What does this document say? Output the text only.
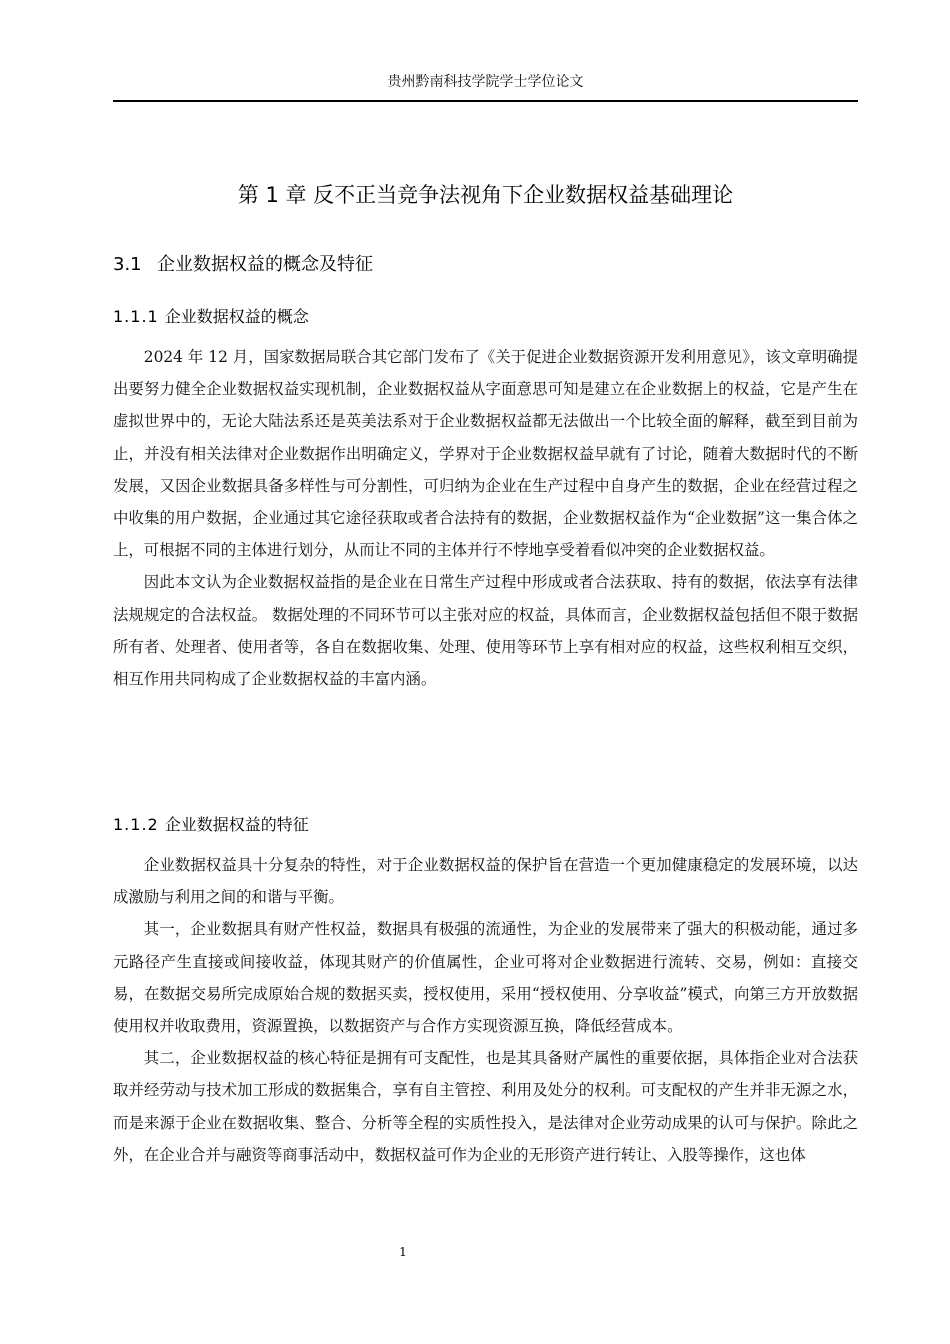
贵州黔南科技学院学士学位论文
第 1 章 反不正当竞争法视角下企业数据权益基础理论
3.1 企业数据权益的概念及特征
1.1.1 企业数据权益的概念

2024 年 12 月，国家数据局联合其它部门发布了《关于促进企业数据资源开发利用意见》，该文章明确提出要努力健全企业数据权益实现机制，企业数据权益从字面意思可知是建立在企业数据上的权益，它是产生在虚拟世界中的，无论大陆法系还是英美法系对于企业数据权益都无法做出一个比较全面的解释，截至到目前为止，并没有相关法律对企业数据作出明确定义，学界对于企业数据权益早就有了讨论，随着大数据时代的不断发展，又因企业数据具备多样性与可分割性，可归纳为企业在生产过程中自身产生的数据，企业在经营过程之中收集的用户数据，企业通过其它途径获取或者合法持有的数据，企业数据权益作为“企业数据”这一集合体之上，可根据不同的主体进行划分，从而让不同的主体并行不悖地享受着看似冲突的企业数据权益。

因此本文认为企业数据权益指的是企业在日常生产过程中形成或者合法获取、持有的数据，依法享有法律法规规定的合法权益。 数据处理的不同环节可以主张对应的权益，具体而言，企业数据权益包括但不限于数据所有者、处理者、使用者等，各自在数据收集、处理、使用等环节上享有相对应的权益，这些权利相互交织，相互作用共同构成了企业数据权益的丰富内涵。

1.1.2 企业数据权益的特征

企业数据权益具十分复杂的特性，对于企业数据权益的保护旨在营造一个更加健康稳定的发展环境，以达成激励与利用之间的和谐与平衡。

其一，企业数据具有财产性权益，数据具有极强的流通性，为企业的发展带来了强大的积极动能，通过多元路径产生直接或间接收益，体现其财产的价值属性，企业可将对企业数据进行流转、交易，例如：直接交易，在数据交易所完成原始合规的数据买卖，授权使用，采用“授权使用、分享收益”模式，向第三方开放数据使用权并收取费用，资源置换，以数据资产与合作方实现资源互换，降低经营成本。

其二，企业数据权益的核心特征是拥有可支配性，也是其具备财产属性的重要依据，具体指企业对合法获取并经劳动与技术加工形成的数据集合，享有自主管控、利用及处分的权利。可支配权的产生并非无源之水，而是来源于企业在数据收集、整合、分析等全程的实质性投入，是法律对企业劳动成果的认可与保护。除此之外，在企业合并与融资等商事活动中，数据权益可作为企业的无形资产进行转让、入股等操作，这也体

1
